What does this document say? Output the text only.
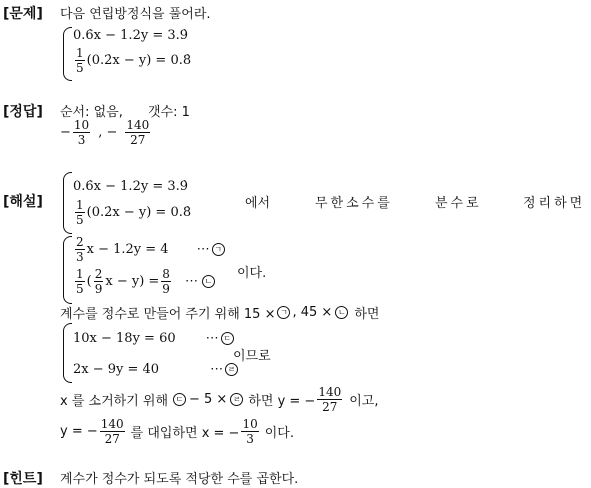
[문제] 다음 연립방정식을 풀어라.
0.6̇x − 1.2y = 3.9̇
$\frac{1}{5}$ (0.2̇x − y) = 0.8̇
[정답] 순서: 없음, 갯수: 1
− $\frac{10}{3}$ , − $\frac{140}{27}$
[해설]
0.6̇x − 1.2y = 3.9̇
$\frac{1}{5}$ (0.2̇x − y) = 0.8̇
에서	무한소수를	분수로	정리하면
$\frac{2}{3}$ x − 1.2y = 4 ⋯ ㄱ
$\frac{1}{5}$ ( $\frac{2}{9}$ $x - y) = \frac{8}{9}$ ⋯ ㄴ
이다.
계수를 정수로 만들어 주기 위해 15 × ㄱ , 45 × ㄴ 하면
10x − 18y = 60 ⋯ ㄷ
2x − 9y = 40	⋯ ㄹ
이므로
x 를 소거하기 위해 ㄷ − 5 × ㄹ 하면 y = − $\frac{140}{27}$ 이고,
y = − $\frac{140}{27}$ 를 대입하면 x = − $\frac{10}{3}$ 이다.
[힌트] 계수가 정수가 되도록 적당한 수를 곱한다.
